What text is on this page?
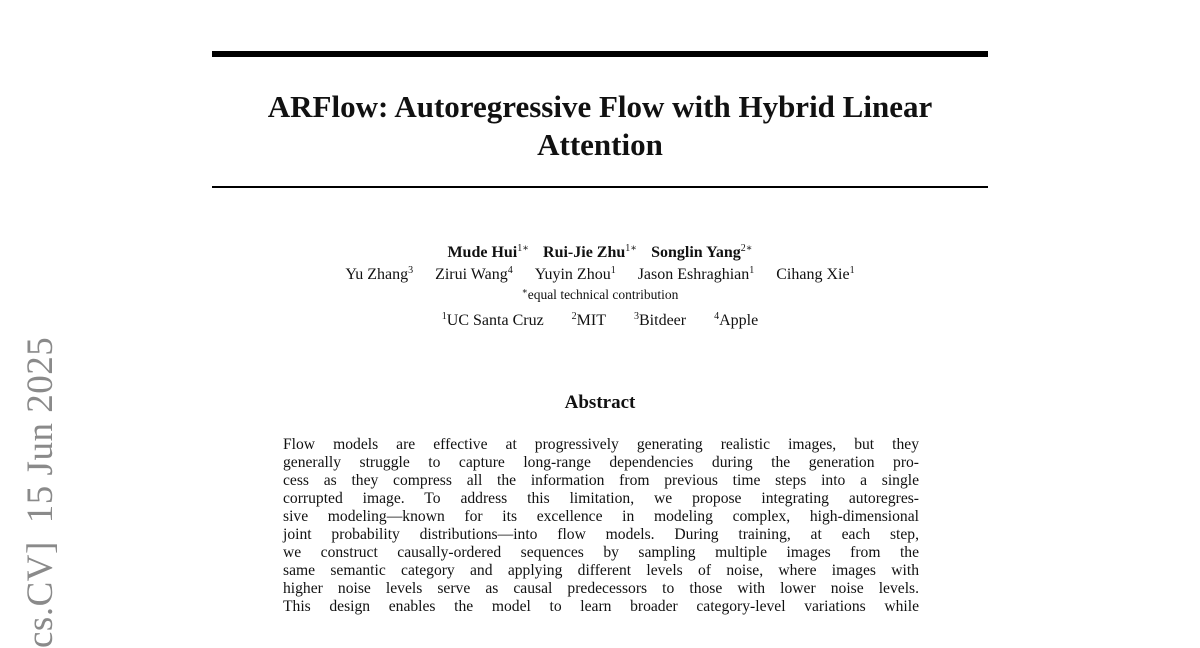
cs.CV]15 Jun 2025
ARFlow: Autoregressive Flow with Hybrid Linear
Attention
Mude Hui$^{1∗}$ Rui-Jie Zhu$^{1∗}$ Songlin Yang$^{2∗}$
Yu Zhang$^3$ Zirui Wang$^4$ Yuyin Zhou$^1$ Jason Eshraghian$^1$ Cihang Xie$^1$
∗equal technical contribution
$^1$UC Santa Cruz	$^2$MIT	$^3$Bitdeer	$^4$Apple
Abstract
Flow models are effective at progressively generating realistic images, but they
generally struggle to capture long-range dependencies during the generation pro-
cess as they compress all the information from previous time steps into a single
corrupted image. To address this limitation, we propose integrating autoregres-
sive modeling—known for its excellence in modeling complex, high-dimensional
joint probability distributions—into flow models. During training, at each step,
we construct causally-ordered sequences by sampling multiple images from the
same semantic category and applying different levels of noise, where images with
higher noise levels serve as causal predecessors to those with lower noise levels.
This design enables the model to learn broader category-level variations while
